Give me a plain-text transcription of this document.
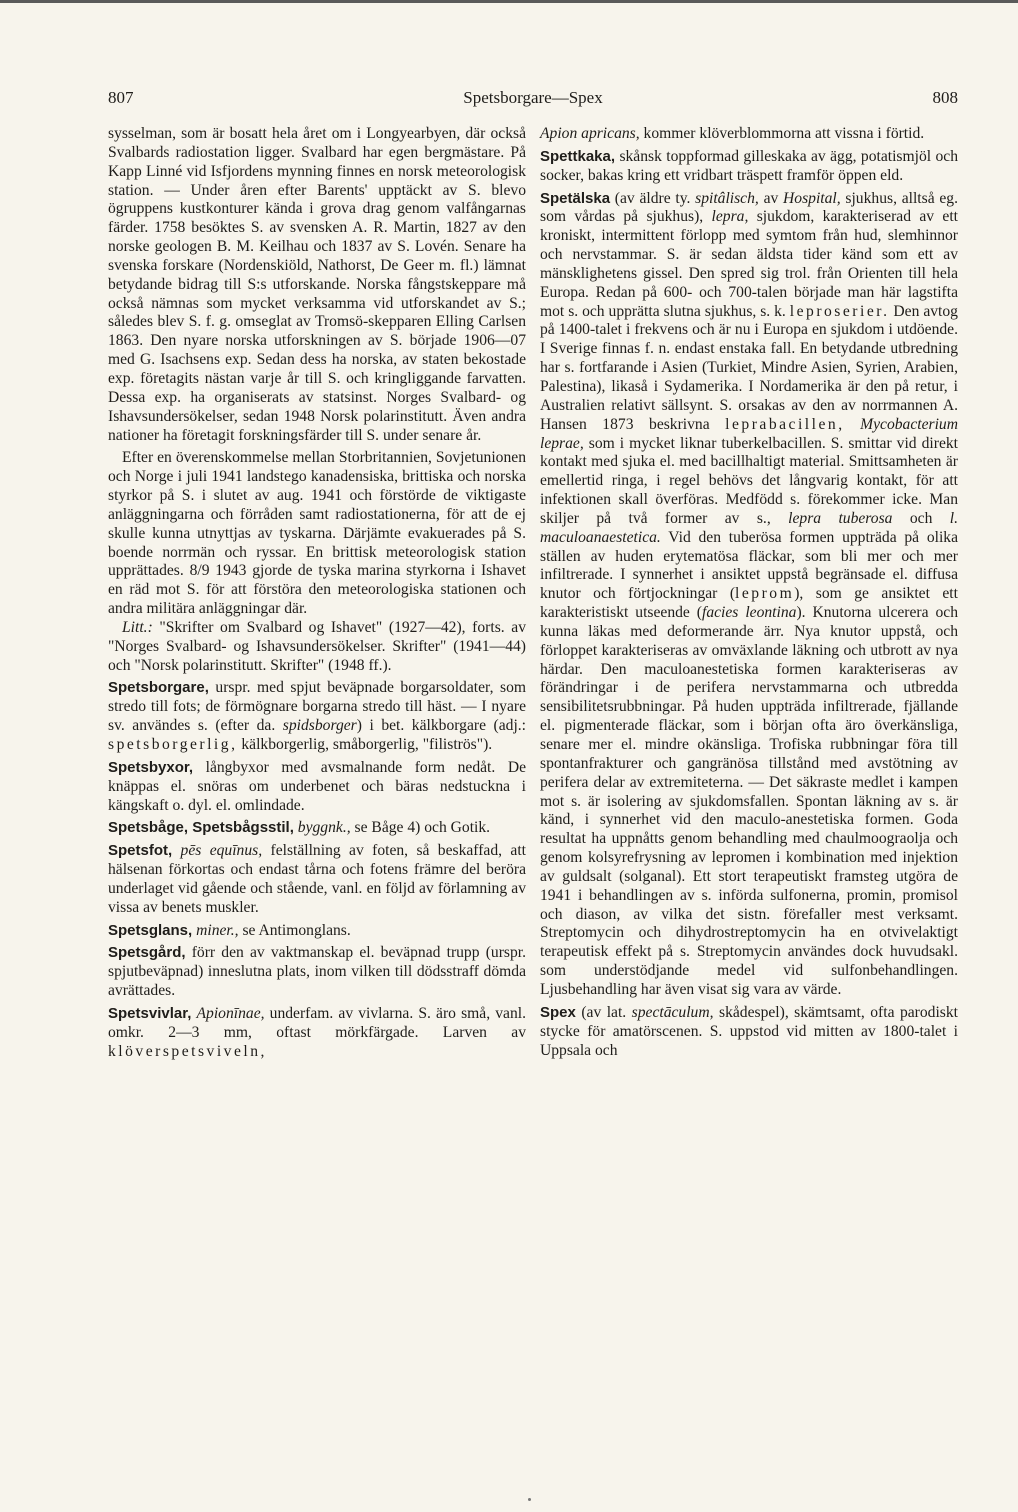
807	Spetsborgare—Spex	808

sysselman, som är bosatt hela året om i Longyearbyen, där också Svalbards radiostation ligger. Svalbard har egen bergmästare. På Kapp Linné vid Isfjordens mynning finnes en norsk meteorologisk station. — Under åren efter Barents' upptäckt av S. blevo ögruppens kustkonturer kända i grova drag genom valfångarnas färder. 1758 besöktes S. av svensken A. R. Martin, 1827 av den norske geologen B. M. Keilhau och 1837 av S. Lovén. Senare ha svenska forskare (Nordenskiöld, Nathorst, De Geer m. fl.) lämnat betydande bidrag till S:s utforskande. Norska fångstskeppare må också nämnas som mycket verksamma vid utforskandet av S.; således blev S. f. g. omseglat av Tromsö-skepparen Elling Carlsen 1863. Den nyare norska utforskningen av S. började 1906—07 med G. Isachsens exp. Sedan dess ha norska, av staten bekostade exp. företagits nästan varje år till S. och kringliggande farvatten. Dessa exp. ha organiserats av statsinst. Norges Svalbard- og Ishavsundersökelser, sedan 1948 Norsk polarinstitutt. Även andra nationer ha företagit forskningsfärder till S. under senare år.

Efter en överenskommelse mellan Storbritannien, Sovjetunionen och Norge i juli 1941 landstego kanadensiska, brittiska och norska styrkor på S. i slutet av aug. 1941 och förstörde de viktigaste anläggningarna och förråden samt radiostationerna, för att de ej skulle kunna utnyttjas av tyskarna. Därjämte evakuerades på S. boende norrmän och ryssar. En brittisk meteorologisk station upprättades. 8/9 1943 gjorde de tyska marina styrkorna i Ishavet en räd mot S. för att förstöra den meteorologiska stationen och andra militära anläggningar där.

Litt.: "Skrifter om Svalbard og Ishavet" (1927—42), forts. av "Norges Svalbard- og Ishavsundersökelser. Skrifter" (1941—44) och "Norsk polarinstitutt. Skrifter" (1948 ff.).

Spetsborgare, urspr. med spjut beväpnade borgarsoldater, som stredo till fots; de förmögnare borgarna stredo till häst. — I nyare sv. användes s. (efter da. spidsborger) i bet. kälkborgare (adj.: spetsborgerlig, kälkborgerlig, småborgerlig, "filiströs").

Spetsbyxor, långbyxor med avsmalnande form nedåt. De knäppas el. snöras om underbenet och bäras nedstuckna i kängskaft o. dyl. el. omlindade.

Spetsbåge, Spetsbågsstil, byggnk., se Båge 4) och Gotik.

Spetsfot, pēs equīnus, felställning av foten, så beskaffad, att hälsenan förkortas och endast tårna och fotens främre del beröra underlaget vid gående och stående, vanl. en följd av förlamning av vissa av benets muskler.

Spetsglans, miner., se Antimonglans.

Spetsgård, förr den av vaktmanskap el. beväpnad trupp (urspr. spjutbeväpnad) inneslutna plats, inom vilken till dödsstraff dömda avrättades.

Spetsvivlar, Apionīnae, underfam. av vivlarna. S. äro små, vanl. omkr. 2—3 mm, oftast mörkfärgade. Larven av klöverspetsviveln,

Apion apricans, kommer klöverblommorna att vissna i förtid.

Spettkaka, skånsk toppformad gilleskaka av ägg, potatismjöl och socker, bakas kring ett vridbart träspett framför öppen eld.

Spetälska (av äldre ty. spitâlisch, av Hospital, sjukhus, alltså eg. som vårdas på sjukhus), lepra, sjukdom, karakteriserad av ett kroniskt, intermittent förlopp med symtom från hud, slemhinnor och nervstammar. S. är sedan äldsta tider känd som ett av mänsklighetens gissel. Den spred sig trol. från Orienten till hela Europa. Redan på 600- och 700-talen började man här lagstifta mot s. och upprätta slutna sjukhus, s. k. leproserier. Den avtog på 1400-talet i frekvens och är nu i Europa en sjukdom i utdöende. I Sverige finnas f. n. endast enstaka fall. En betydande utbredning har s. fortfarande i Asien (Turkiet, Mindre Asien, Syrien, Arabien, Palestina), likaså i Sydamerika. I Nordamerika är den på retur, i Australien relativt sällsynt. S. orsakas av den av norrmannen A. Hansen 1873 beskrivna leprabacillen, Mycobacterium leprae, som i mycket liknar tuberkelbacillen. S. smittar vid direkt kontakt med sjuka el. med bacillhaltigt material. Smittsamheten är emellertid ringa, i regel behövs det långvarig kontakt, för att infektionen skall överföras. Medfödd s. förekommer icke. Man skiljer på två former av s., lepra tuberosa och l. maculoanaestetica. Vid den tuberösa formen uppträda på olika ställen av huden erytematösa fläckar, som bli mer och mer infiltrerade. I synnerhet i ansiktet uppstå begränsade el. diffusa knutor och förtjockningar (leprom), som ge ansiktet ett karakteristiskt utseende (facies leontina). Knutorna ulcerera och kunna läkas med deformerande ärr. Nya knutor uppstå, och förloppet karakteriseras av omväxlande läkning och utbrott av nya härdar. Den maculoanestetiska formen karakteriseras av förändringar i de perifera nervstammarna och utbredda sensibilitetsrubbningar. På huden uppträda infiltrerade, fjällande el. pigmenterade fläckar, som i början ofta äro överkänsliga, senare mer el. mindre okänsliga. Trofiska rubbningar föra till spontanfrakturer och gangränösa tillstånd med avstötning av perifera delar av extremiteterna. — Det säkraste medlet i kampen mot s. är isolering av sjukdomsfallen. Spontan läkning av s. är känd, i synnerhet vid den maculo-anestetiska formen. Goda resultat ha uppnåtts genom behandling med chaulmoograolja och genom kolsyrefrysning av lepromen i kombination med injektion av guldsalt (solganal). Ett stort terapeutiskt framsteg utgöra de 1941 i behandlingen av s. införda sulfonerna, promin, promisol och diason, av vilka det sistn. förefaller mest verksamt. Streptomycin och dihydrostreptomycin ha en otvivelaktigt terapeutisk effekt på s. Streptomycin användes dock huvudsakl. som understödjande medel vid sulfonbehandlingen. Ljusbehandling har även visat sig vara av värde.

Spex (av lat. spectāculum, skådespel), skämtsamt, ofta parodiskt stycke för amatörscenen. S. uppstod vid mitten av 1800-talet i Uppsala och
